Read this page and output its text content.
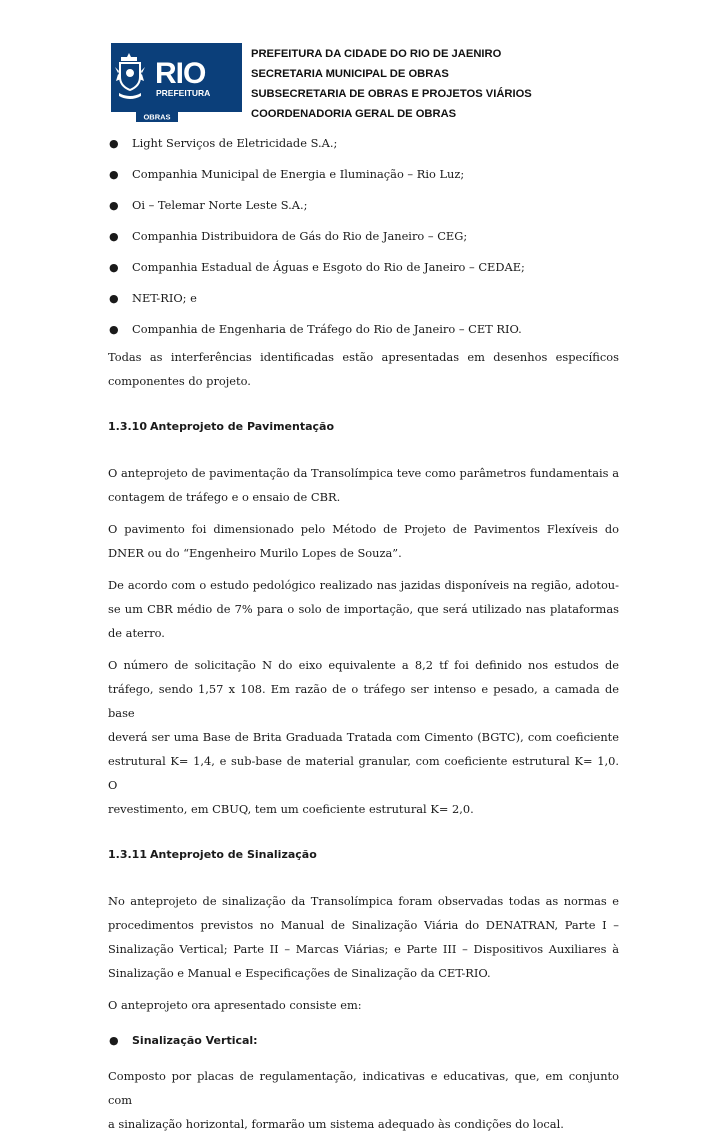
RIO
PREFEITURA
OBRAS
PREFEITURA DA CIDADE DO RIO DE JAENIRO
SECRETARIA MUNICIPAL DE OBRAS
SUBSECRETARIA DE OBRAS E PROJETOS VIÁRIOS
COORDENADORIA GERAL DE OBRAS
● Light Serviços de Eletricidade S.A.;
● Companhia Municipal de Energia e Iluminação – Rio Luz;
● Oi – Telemar Norte Leste S.A.;
● Companhia Distribuidora de Gás do Rio de Janeiro – CEG;
● Companhia Estadual de Águas e Esgoto do Rio de Janeiro – CEDAE;
● NET-RIO; e
● Companhia de Engenharia de Tráfego do Rio de Janeiro – CET RIO.

Todas as interferências identificadas estão apresentadas em desenhos específicos
componentes do projeto.

1.3.10 Anteprojeto de Pavimentação

O anteprojeto de pavimentação da Transolímpica teve como parâmetros fundamentais a
contagem de tráfego e o ensaio de CBR.

O pavimento foi dimensionado pelo Método de Projeto de Pavimentos Flexíveis do
DNER ou do “Engenheiro Murilo Lopes de Souza”.

De acordo com o estudo pedológico realizado nas jazidas disponíveis na região, adotou-
se um CBR médio de 7% para o solo de importação, que será utilizado nas plataformas
de aterro.

O número de solicitação N do eixo equivalente a 8,2 tf foi definido nos estudos de
tráfego, sendo 1,57 x 108. Em razão de o tráfego ser intenso e pesado, a camada de base
deverá ser uma Base de Brita Graduada Tratada com Cimento (BGTC), com coeficiente
estrutural K= 1,4, e sub-base de material granular, com coeficiente estrutural K= 1,0. O
revestimento, em CBUQ, tem um coeficiente estrutural K= 2,0.

1.3.11 Anteprojeto de Sinalização

No anteprojeto de sinalização da Transolímpica foram observadas todas as normas e
procedimentos previstos no Manual de Sinalização Viária do DENATRAN, Parte I –
Sinalização Vertical; Parte II – Marcas Viárias; e Parte III – Dispositivos Auxiliares à
Sinalização e Manual e Especificações de Sinalização da CET-RIO.

O anteprojeto ora apresentado consiste em:

● Sinalização Vertical:

Composto por placas de regulamentação, indicativas e educativas, que, em conjunto com
a sinalização horizontal, formarão um sistema adequado às condições do local.
